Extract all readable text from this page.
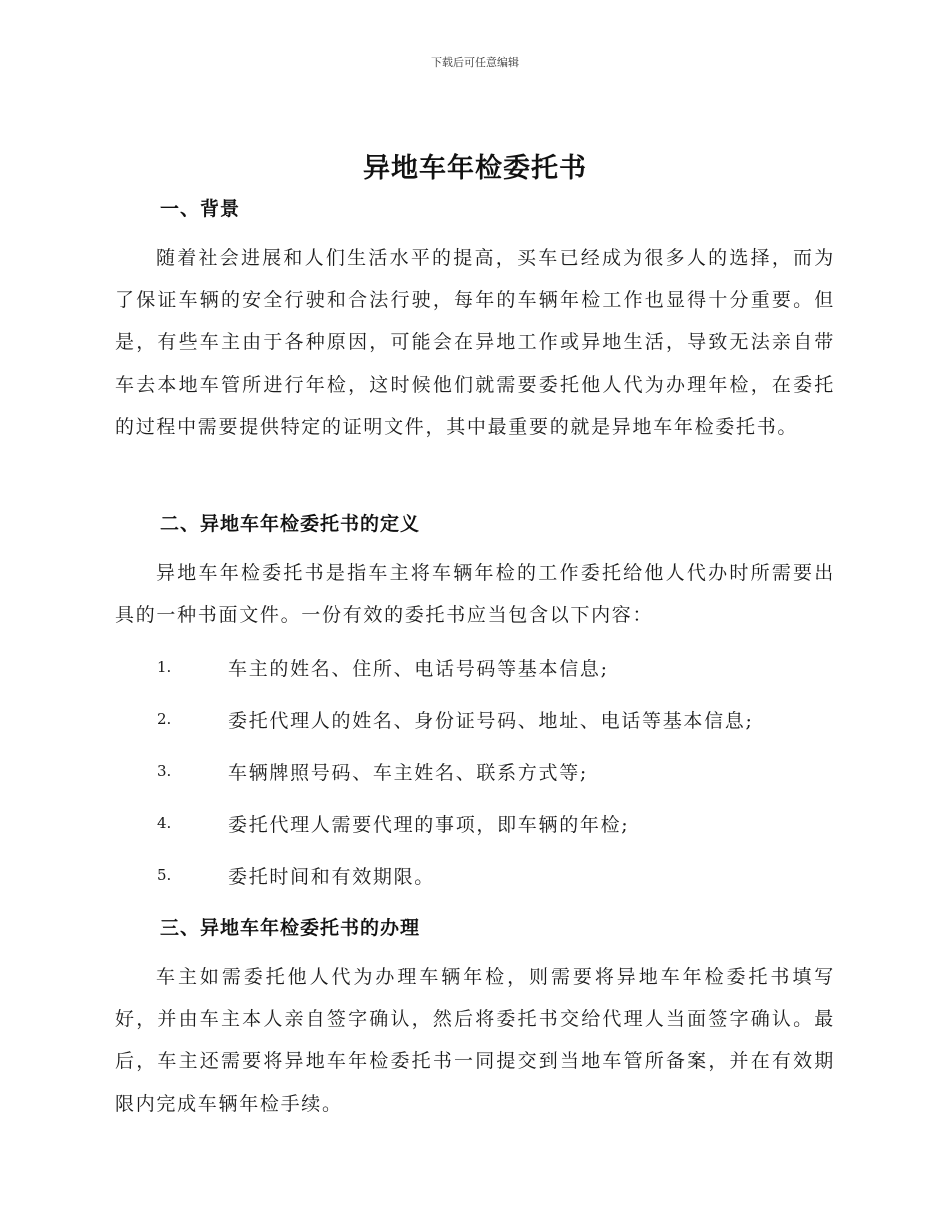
下载后可任意编辑
异地车年检委托书
一、背景

随着社会进展和人们生活水平的提高，买车已经成为很多人的选择，而为了保证车辆的安全行驶和合法行驶，每年的车辆年检工作也显得十分重要。但是，有些车主由于各种原因，可能会在异地工作或异地生活，导致无法亲自带车去本地车管所进行年检，这时候他们就需要委托他人代为办理年检，在委托的过程中需要提供特定的证明文件，其中最重要的就是异地车年检委托书。

二、异地车年检委托书的定义

异地车年检委托书是指车主将车辆年检的工作委托给他人代办时所需要出具的一种书面文件。一份有效的委托书应当包含以下内容：

1.	车主的姓名、住所、电话号码等基本信息;
2.	委托代理人的姓名、身份证号码、地址、电话等基本信息;
3.	车辆牌照号码、车主姓名、联系方式等;
4.	委托代理人需要代理的事项，即车辆的年检;
5.	委托时间和有效期限。
三、异地车年检委托书的办理

车主如需委托他人代为办理车辆年检，则需要将异地车年检委托书填写好，并由车主本人亲自签字确认，然后将委托书交给代理人当面签字确认。最后，车主还需要将异地车年检委托书一同提交到当地车管所备案，并在有效期限内完成车辆年检手续。
